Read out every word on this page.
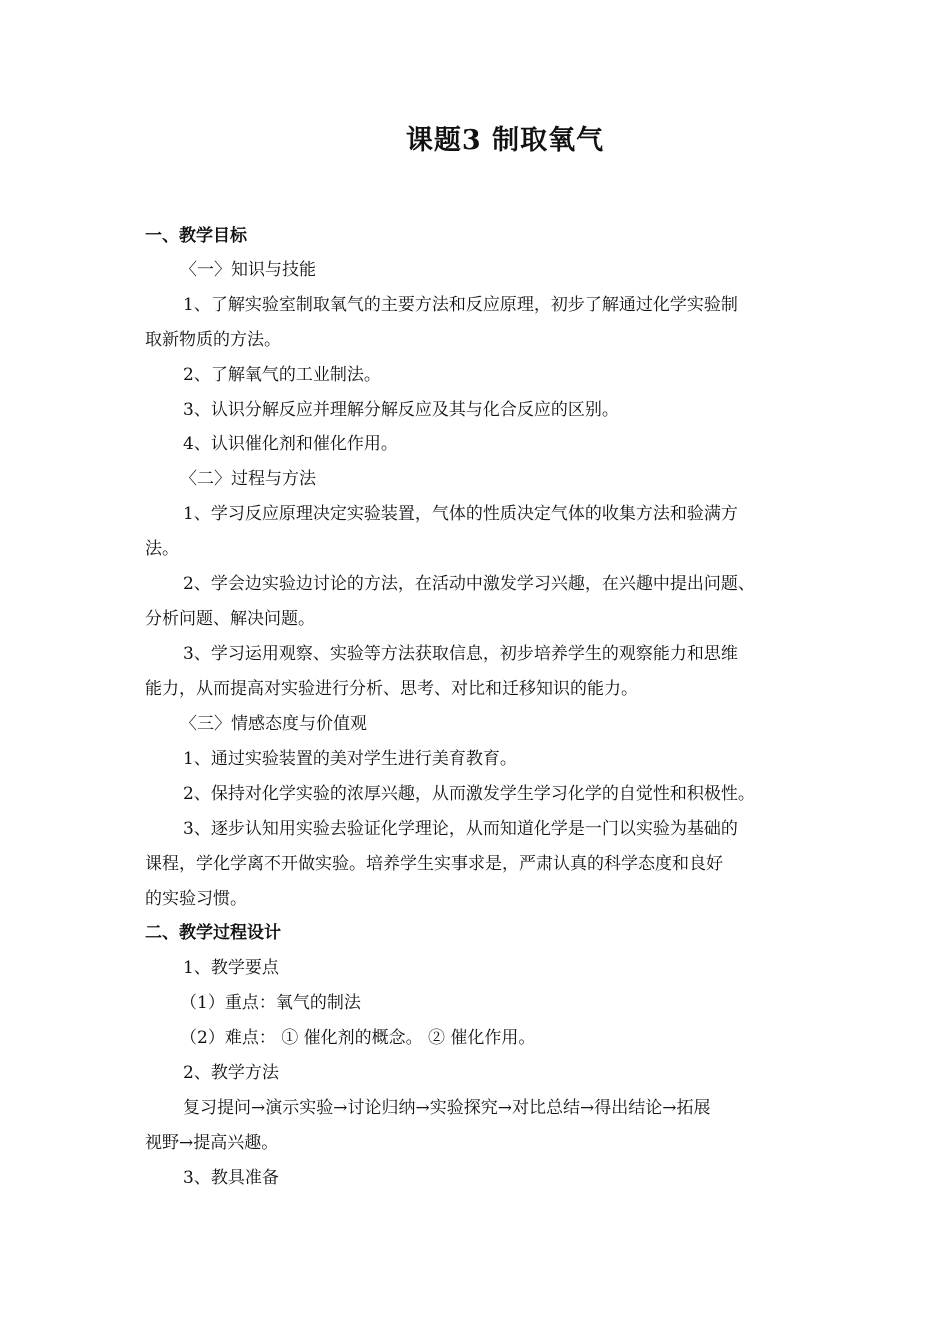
课题3 制取氧气
一、教学目标
〈一〉知识与技能
1、了解实验室制取氧气的主要方法和反应原理，初步了解通过化学实验制
取新物质的方法。
2、了解氧气的工业制法。
3、认识分解反应并理解分解反应及其与化合反应的区别。
4、认识催化剂和催化作用。
〈二〉过程与方法
1、学习反应原理决定实验装置，气体的性质决定气体的收集方法和验满方
法。
2、学会边实验边讨论的方法，在活动中激发学习兴趣，在兴趣中提出问题、
分析问题、解决问题。
3、学习运用观察、实验等方法获取信息，初步培养学生的观察能力和思维
能力，从而提高对实验进行分析、思考、对比和迁移知识的能力。
〈三〉情感态度与价值观
1、通过实验装置的美对学生进行美育教育。
2、保持对化学实验的浓厚兴趣，从而激发学生学习化学的自觉性和积极性。
3、逐步认知用实验去验证化学理论，从而知道化学是一门以实验为基础的
课程，学化学离不开做实验。培养学生实事求是，严肃认真的科学态度和良好
的实验习惯。
二、教学过程设计
1、教学要点
（1）重点：氧气的制法
（2）难点： ① 催化剂的概念。 ② 催化作用。
2、教学方法
复习提问→演示实验→讨论归纳→实验探究→对比总结→得出结论→拓展
视野→提高兴趣。
3、教具准备
